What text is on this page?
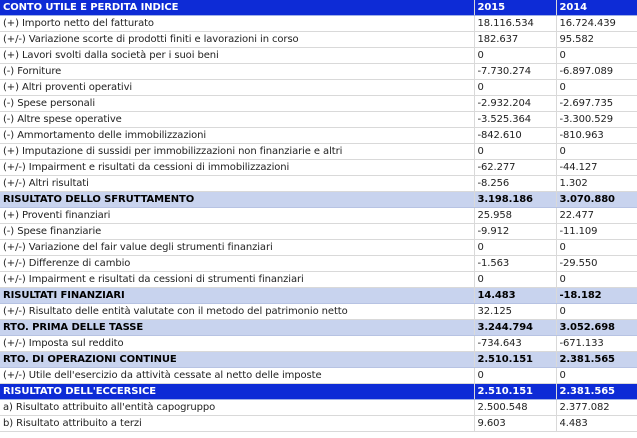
CONTO UTILE E PERDITA INDICE	2015	2014
(+) Importo netto del fatturato	18.116.534	16.724.439
(+/-) Variazione scorte di prodotti finiti e lavorazioni in corso	182.637	95.582
(+) Lavori svolti dalla società per i suoi beni	0	0
(-) Forniture	-7.730.274	-6.897.089
(+) Altri proventi operativi	0	0
(-) Spese personali	-2.932.204	-2.697.735
(-) Altre spese operative	-3.525.364	-3.300.529
(-) Ammortamento delle immobilizzazioni	-842.610	-810.963
(+) Imputazione di sussidi per immobilizzazioni non finanziarie e altri	0	0
(+/-) Impairment e risultati da cessioni di immobilizzazioni	-62.277	-44.127
(+/-) Altri risultati	-8.256	1.302
RISULTATO DELLO SFRUTTAMENTO	3.198.186	3.070.880
(+) Proventi finanziari	25.958	22.477
(-) Spese finanziarie	-9.912	-11.109
(+/-) Variazione del fair value degli strumenti finanziari	0	0
(+/-) Differenze di cambio	-1.563	-29.550
(+/-) Impairment e risultati da cessioni di strumenti finanziari	0	0
RISULTATI FINANZIARI	14.483	-18.182
(+/-) Risultato delle entità valutate con il metodo del patrimonio netto	32.125	0
RTO. PRIMA DELLE TASSE	3.244.794	3.052.698
(+/-) Imposta sul reddito	-734.643	-671.133
RTO. DI OPERAZIONI CONTINUE	2.510.151	2.381.565
(+/-) Utile dell'esercizio da attività cessate al netto delle imposte	0	0
RISULTATO DELL'ECCERSICE	2.510.151	2.381.565
a) Risultato attribuito all'entità capogruppo	2.500.548	2.377.082
b) Risultato attribuito a terzi	9.603	4.483
